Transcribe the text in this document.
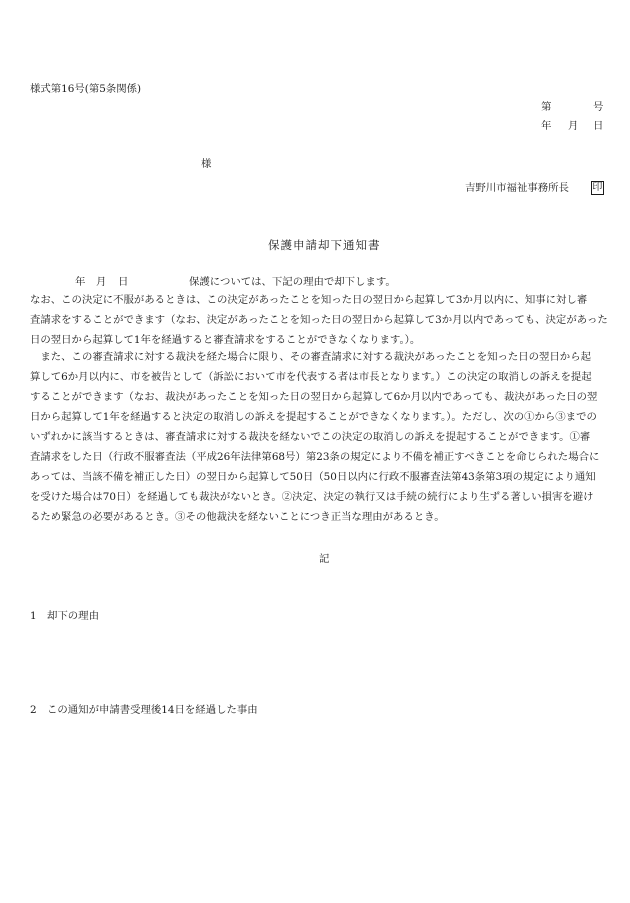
様式第16号(第5条関係)
第	号
年 月 日
様
吉野川市福祉事務所長 印
保護申請却下通知書
年 月 日	保護については、下記の理由で却下します。
なお、この決定に不服があるときは、この決定があったことを知った日の翌日から起算して3か月以内に、知事に対し審
査請求をすることができます（なお、決定があったことを知った日の翌日から起算して3か月以内であっても、決定があった
日の翌日から起算して1年を経過すると審査請求をすることができなくなります。）。
　また、この審査請求に対する裁決を経た場合に限り、その審査請求に対する裁決があったことを知った日の翌日から起
算して6か月以内に、市を被告として（訴訟において市を代表する者は市長となります。）この決定の取消しの訴えを提起
することができます（なお、裁決があったことを知った日の翌日から起算して6か月以内であっても、裁決があった日の翌
日から起算して1年を経過すると決定の取消しの訴えを提起することができなくなります。）。ただし、次の①から③までの
いずれかに該当するときは、審査請求に対する裁決を経ないでこの決定の取消しの訴えを提起することができます。①審
査請求をした日（行政不服審査法（平成26年法律第68号）第23条の規定により不備を補正すべきことを命じられた場合に
あっては、当該不備を補正した日）の翌日から起算して50日（50日以内に行政不服審査法第43条第3項の規定により通知
を受けた場合は70日）を経過しても裁決がないとき。②決定、決定の執行又は手続の続行により生ずる著しい損害を避け
るため緊急の必要があるとき。③その他裁決を経ないことにつき正当な理由があるとき。
記
1　却下の理由
2　この通知が申請書受理後14日を経過した事由
